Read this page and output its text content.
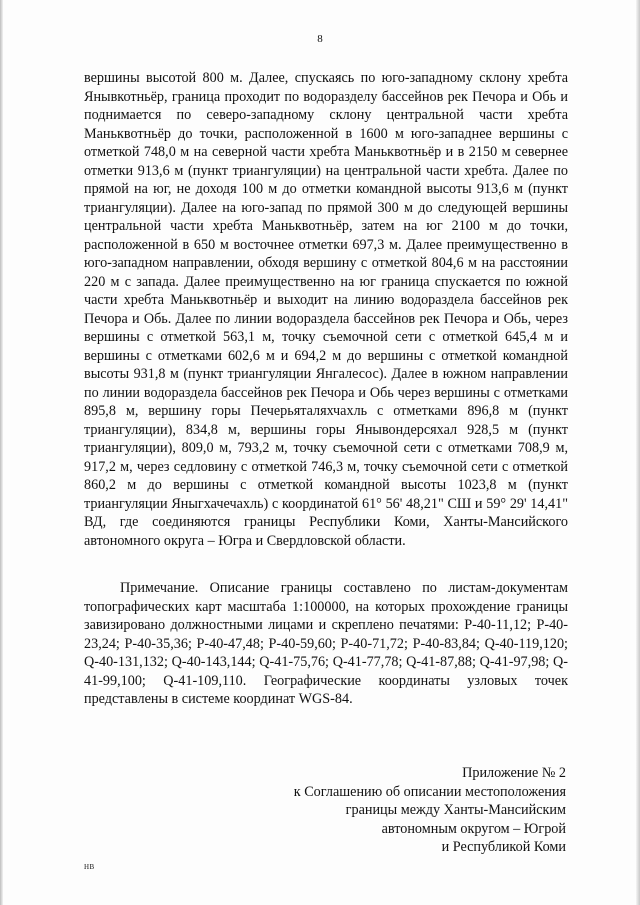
8

вершины высотой 800 м. Далее, спускаясь по юго-западному склону хребта Янывкотньёр, граница проходит по водоразделу бассейнов рек Печора и Обь и поднимается по северо-западному склону центральной части хребта Маньквотньёр до точки, расположенной в 1600 м юго-западнее вершины с отметкой 748,0 м на северной части хребта Маньквотньёр и в 2150 м севернее отметки 913,6 м (пункт триангуляции) на центральной части хребта. Далее по прямой на юг, не доходя 100 м до отметки командной высоты 913,6 м (пункт триангуляции). Далее на юго-запад по прямой 300 м до следующей вершины центральной части хребта Маньквотньёр, затем на юг 2100 м до точки, расположенной в 650 м восточнее отметки 697,3 м. Далее преимущественно в юго-западном направлении, обходя вершину с отметкой 804,6 м на расстоянии 220 м с запада. Далее преимущественно на юг граница спускается по южной части хребта Маньквотньёр и выходит на линию водораздела бассейнов рек Печора и Обь. Далее по линии водораздела бассейнов рек Печора и Обь, через вершины с отметкой 563,1 м, точку съемочной сети с отметкой 645,4 м и вершины с отметками 602,6 м и 694,2 м до вершины с отметкой командной высоты 931,8 м (пункт триангуляции Янгалесос). Далее в южном направлении по линии водораздела бассейнов рек Печора и Обь через вершины с отметками 895,8 м, вершину горы Печерьяталяхчахль с отметками 896,8 м (пункт триангуляции), 834,8 м, вершины горы Янывондерсяхал 928,5 м (пункт триангуляции), 809,0 м, 793,2 м, точку съемочной сети с отметками 708,9 м, 917,2 м, через седловину с отметкой 746,3 м, точку съемочной сети с отметкой 860,2 м до вершины с отметкой командной высоты 1023,8 м (пункт триангуляции Яныгхачечахль) с координатой 61° 56' 48,21" СШ и 59° 29' 14,41" ВД, где соединяются границы Республики Коми, Ханты-Мансийского автономного округа – Югра и Свердловской области.

Примечание. Описание границы составлено по листам-документам топографических карт масштаба 1:100000, на которых прохождение границы завизировано должностными лицами и скреплено печатями: Р-40-11,12; Р-40-23,24; Р-40-35,36; Р-40-47,48; Р-40-59,60; Р-40-71,72; Р-40-83,84; Q-40-119,120; Q-40-131,132; Q-40-143,144; Q-41-75,76; Q-41-77,78; Q-41-87,88; Q-41-97,98; Q-41-99,100; Q-41-109,110. Географические координаты узловых точек представлены в системе координат WGS-84.

Приложение № 2
к Соглашению об описании местоположения
границы между Ханты-Мансийским
автономным округом – Югрой
и Республикой Коми
НВ
